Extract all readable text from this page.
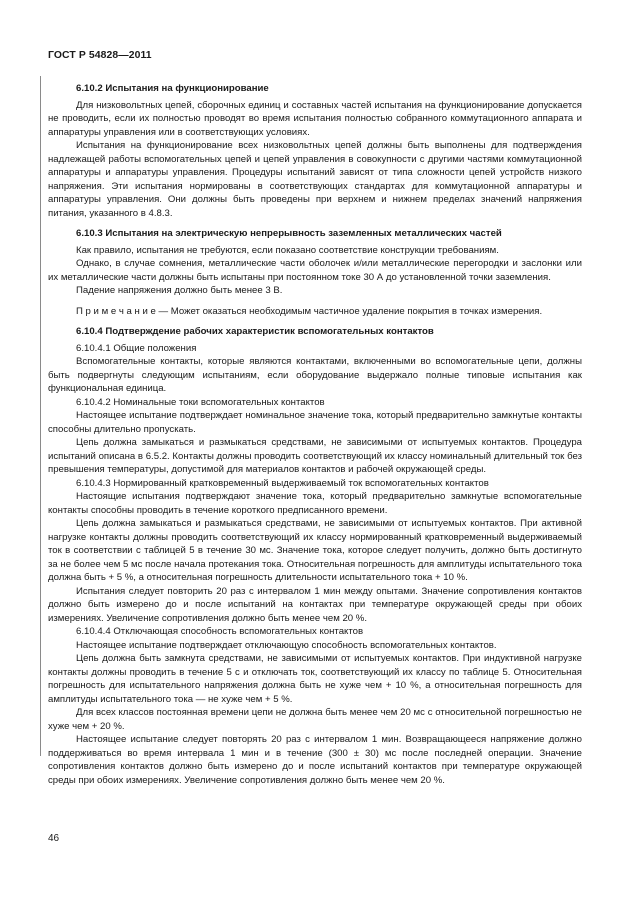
ГОСТ Р 54828—2011

6.10.2 Испытания на функционирование

Для низковольтных цепей, сборочных единиц и составных частей испытания на функционирование допускается не проводить, если их полностью проводят во время испытания полностью собранного коммутационного аппарата и аппаратуры управления или в соответствующих условиях.

Испытания на функционирование всех низковольтных цепей должны быть выполнены для подтверждения надлежащей работы вспомогательных цепей и цепей управления в совокупности с другими частями коммутационной аппаратуры и аппаратуры управления. Процедуры испытаний зависят от типа сложности цепей устройств низкого напряжения. Эти испытания нормированы в соответствующих стандартах для коммутационной аппаратуры и аппаратуры управления. Они должны быть проведены при верхнем и нижнем пределах значений напряжения питания, указанного в 4.8.3.

6.10.3 Испытания на электрическую непрерывность заземленных металлических частей

Как правило, испытания не требуются, если показано соответствие конструкции требованиям.

Однако, в случае сомнения, металлические части оболочек и/или металлические перегородки и заслонки или их металлические части должны быть испытаны при постоянном токе 30 А до установленной точки заземления.

Падение напряжения должно быть менее 3 В.

П р и м е ч а н и е — Может оказаться необходимым частичное удаление покрытия в точках измерения.

6.10.4 Подтверждение рабочих характеристик вспомогательных контактов

6.10.4.1 Общие положения

Вспомогательные контакты, которые являются контактами, включенными во вспомогательные цепи, должны быть подвергнуты следующим испытаниям, если оборудование выдержало полные типовые испытания как функциональная единица.

6.10.4.2 Номинальные токи вспомогательных контактов

Настоящее испытание подтверждает номинальное значение тока, который предварительно замкнутые контакты способны длительно пропускать.

Цепь должна замыкаться и размыкаться средствами, не зависимыми от испытуемых контактов. Процедура испытаний описана в 6.5.2. Контакты должны проводить соответствующий их классу номинальный длительный ток без превышения температуры, допустимой для материалов контактов и рабочей окружающей среды.

6.10.4.3 Нормированный кратковременный выдерживаемый ток вспомогательных контактов

Настоящие испытания подтверждают значение тока, который предварительно замкнутые вспомогательные контакты способны проводить в течение короткого предписанного времени.

Цепь должна замыкаться и размыкаться средствами, не зависимыми от испытуемых контактов. При активной нагрузке контакты должны проводить соответствующий их классу нормированный кратковременный выдерживаемый ток в соответствии с таблицей 5 в течение 30 мс. Значение тока, которое следует получить, должно быть достигнуто за не более чем 5 мс после начала протекания тока. Относительная погрешность для амплитуды испытательного тока должна быть + 5 %, а относительная погрешность длительности испытательного тока + 10 %.

Испытания следует повторить 20 раз с интервалом 1 мин между опытами. Значение сопротивления контактов должно быть измерено до и после испытаний на контактах при температуре окружающей среды при обоих измерениях. Увеличение сопротивления должно быть менее чем 20 %.

6.10.4.4 Отключающая способность вспомогательных контактов

Настоящее испытание подтверждает отключающую способность вспомогательных контактов.

Цепь должна быть замкнута средствами, не зависимыми от испытуемых контактов. При индуктивной нагрузке контакты должны проводить в течение 5 с и отключать ток, соответствующий их классу по таблице 5. Относительная погрешность для испытательного напряжения должна быть не хуже чем + 10 %, а относительная погрешность для амплитуды испытательного тока — не хуже чем + 5 %.

Для всех классов постоянная времени цепи не должна быть менее чем 20 мс с относительной погрешностью не хуже чем + 20 %.

Настоящее испытание следует повторять 20 раз с интервалом 1 мин. Возвращающееся напряжение должно поддерживаться во время интервала 1 мин и в течение (300 ± 30) мс после последней операции. Значение сопротивления контактов должно быть измерено до и после испытаний контактов при температуре окружающей среды при обоих измерениях. Увеличение сопротивления должно быть менее чем 20 %.

46
